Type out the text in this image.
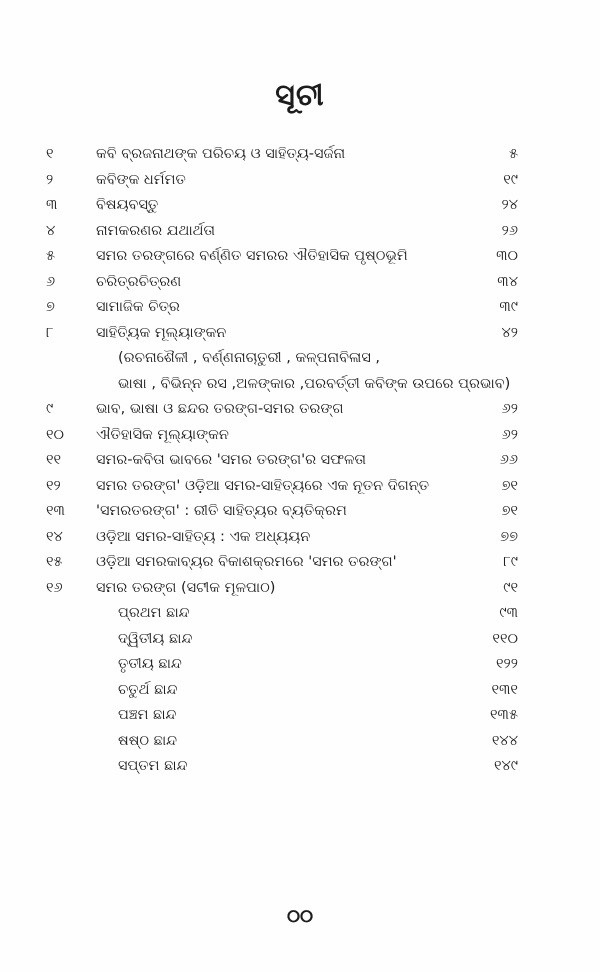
ସୂଚୀ
୧	କବି ବ୍ରଜନାଥଙ୍କ ପରିଚୟ ଓ ସାହିତ୍ୟ-ସର୍ଜନା	୫
୨	କବିଙ୍କ ଧର୍ମମତ	୧୯
୩	ବିଷୟବସ୍ତୁ	୨୪
୪	ନାମକରଣର ଯଥାର୍ଥତା	୨୬
୫	ସମର ତରଙ୍ଗରେ ବର୍ଣ୍ଣିତ ସମରର ଐତିହାସିକ ପୃଷ୍ଠଭୂମି	୩୦
୬	ଚରିତ୍ରଚିତ୍ରଣ	୩୪
୭	ସାମାଜିକ ଚିତ୍ର	୩୯
୮	ସାହିତ୍ୟିକ ମୂଲ୍ୟାଙ୍କନ	୪୨
(ରଚନାଶୈଳୀ , ବର୍ଣ୍ଣନାଚାତୁରୀ , କଳ୍ପନାବିଳାସ ,
ଭାଷା , ବିଭିନ୍ନ ରସ ,ଅଳଙ୍କାର ,ପରବର୍ତ୍ତୀ କବିଙ୍କ ଉପରେ ପ୍ରଭାବ)
୯	ଭାବ, ଭାଷା ଓ ଛନ୍ଦର ତରଙ୍ଗ-ସମର ତରଙ୍ଗ	୬୨
୧୦	ଐତିହାସିକ ମୂଲ୍ୟାଙ୍କନ	୬୨
୧୧	ସମର-କବିତା ଭାବରେ 'ସମର ତରଙ୍ଗ'ର ସଫଳତା	୬୬
୧୨	ସମର ତରଙ୍ଗ' ଓଡ଼ିଆ ସମର-ସାହିତ୍ୟରେ ଏକ ନୂତନ ଦିଗନ୍ତ	୭୧
୧୩	'ସମରତରଙ୍ଗ' : ରୀତି ସାହିତ୍ୟର ବ୍ୟତିକ୍ରମ	୭୧
୧୪	ଓଡ଼ିଆ ସମର-ସାହିତ୍ୟ : ଏକ ଅଧ୍ୟୟନ	୭୭
୧୫	ଓଡ଼ିଆ ସମରକାବ୍ୟର ବିକାଶକ୍ରମରେ 'ସମର ତରଙ୍ଗ'	୮୯
୧୬	ସମର ତରଙ୍ଗ (ସଟୀକ ମୂଳପାଠ)	୯୧
ପ୍ରଥମ ଛାନ୍ଦ	୯୩
ଦ୍ୱିତୀୟ ଛାନ୍ଦ	୧୧୦
ତୃତୀୟ ଛାନ୍ଦ	୧୨୨
ଚତୁର୍ଥ ଛାନ୍ଦ	୧୩୧
ପଞ୍ଚମ ଛାନ୍ଦ	୧୩୫
ଷଷ୍ଠ ଛାନ୍ଦ	୧୪୪
ସପ୍ତମ ଛାନ୍ଦ	୧୪୯
୦୦
